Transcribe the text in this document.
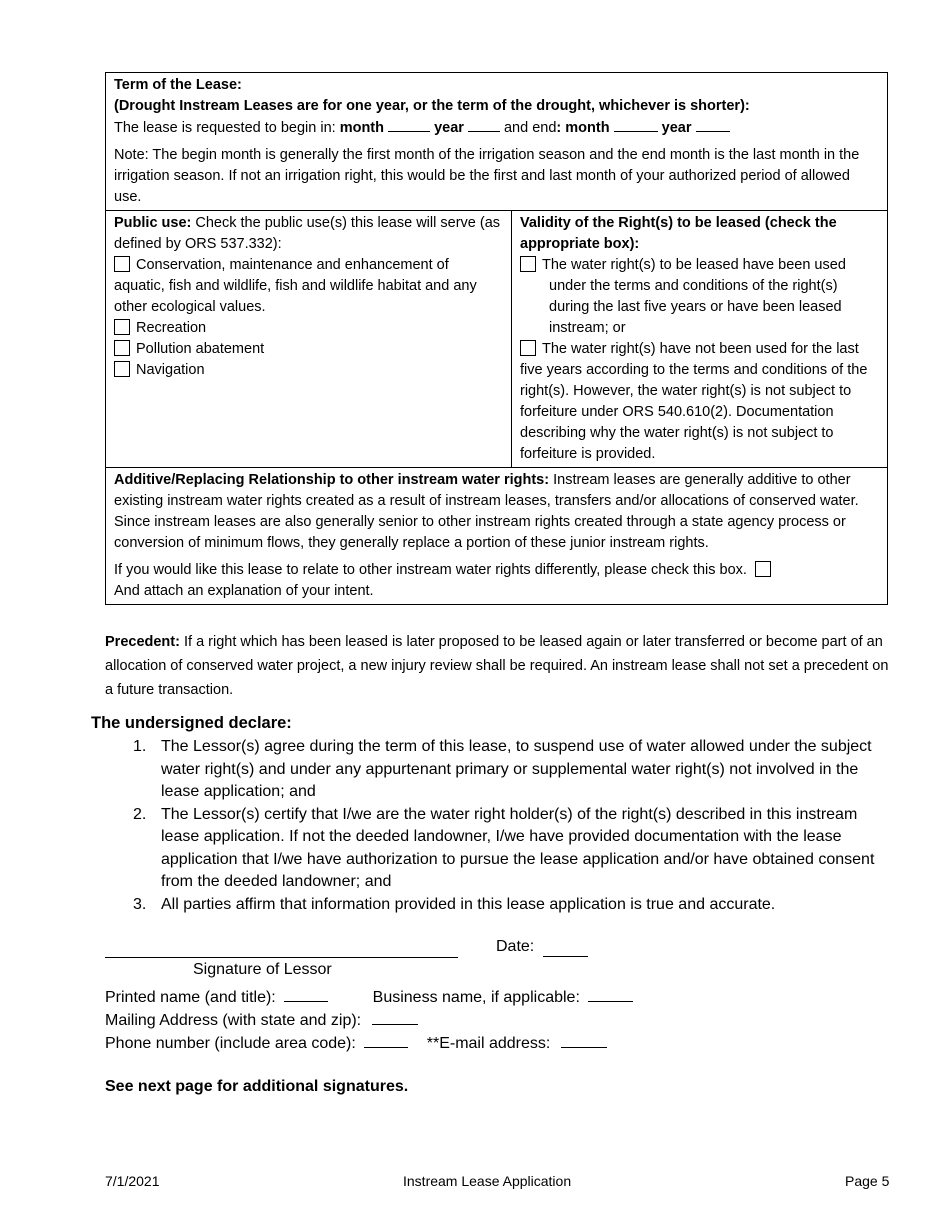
Term of the Lease:
(Drought Instream Leases are for one year, or the term of the drought, whichever is shorter):
The lease is requested to begin in: month	year	and end: month	year
Note: The begin month is generally the first month of the irrigation season and the end month is the last month in the irrigation season. If not an irrigation right, this would be the first and last month of your authorized period of allowed use.
Public use: Check the public use(s) this lease will serve (as defined by ORS 537.332):
Conservation, maintenance and enhancement of aquatic, fish and wildlife, fish and wildlife habitat and any other ecological values.
Recreation
Pollution abatement
Navigation
Validity of the Right(s) to be leased (check the appropriate box):
The water right(s) to be leased have been used under the terms and conditions of the right(s) during the last five years or have been leased instream; or
The water right(s) have not been used for the last five years according to the terms and conditions of the right(s). However, the water right(s) is not subject to forfeiture under ORS 540.610(2). Documentation describing why the water right(s) is not subject to forfeiture is provided.
Additive/Replacing Relationship to other instream water rights: Instream leases are generally additive to other existing instream water rights created as a result of instream leases, transfers and/or allocations of conserved water. Since instream leases are also generally senior to other instream rights created through a state agency process or conversion of minimum flows, they generally replace a portion of these junior instream rights.
If you would like this lease to relate to other instream water rights differently, please check this box.
And attach an explanation of your intent.
Precedent: If a right which has been leased is later proposed to be leased again or later transferred or become part of an allocation of conserved water project, a new injury review shall be required. An instream lease shall not set a precedent on a future transaction.
The undersigned declare:
1. The Lessor(s) agree during the term of this lease, to suspend use of water allowed under the subject water right(s) and under any appurtenant primary or supplemental water right(s) not involved in the lease application; and
2. The Lessor(s) certify that I/we are the water right holder(s) of the right(s) described in this instream lease application. If not the deeded landowner, I/we have provided documentation with the lease application that I/we have authorization to pursue the lease application and/or have obtained consent from the deeded landowner; and
3. All parties affirm that information provided in this lease application is true and accurate.
Date:
Signature of Lessor
Printed name (and title):	Business name, if applicable:
Mailing Address (with state and zip):
Phone number (include area code):	**E-mail address:
See next page for additional signatures.
7/1/2021	Instream Lease Application	Page 5
